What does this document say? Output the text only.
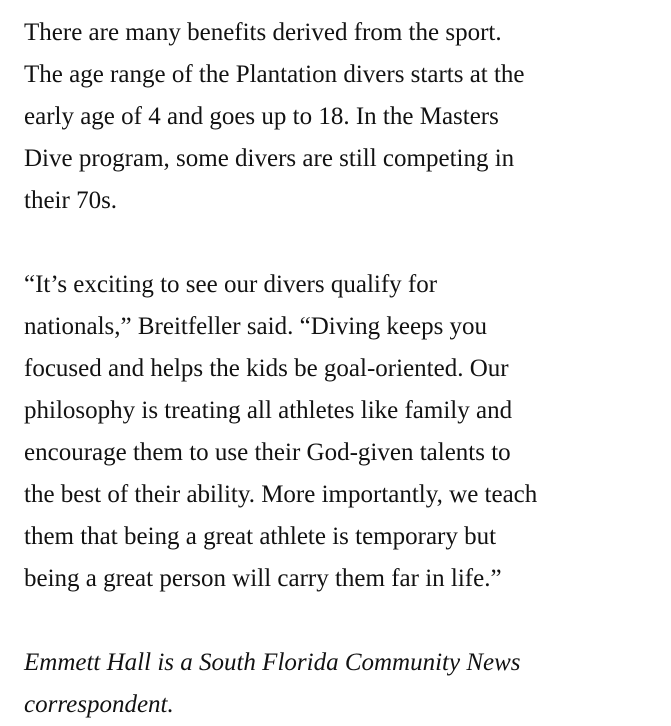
There are many benefits derived from the sport.
The age range of the Plantation divers starts at the
early age of 4 and goes up to 18. In the Masters
Dive program, some divers are still competing in
their 70s.

“It’s exciting to see our divers qualify for
nationals,” Breitfeller said. “Diving keeps you
focused and helps the kids be goal-oriented. Our
philosophy is treating all athletes like family and
encourage them to use their God-given talents to
the best of their ability. More importantly, we teach
them that being a great athlete is temporary but
being a great person will carry them far in life.”

Emmett Hall is a South Florida Community News
correspondent.
